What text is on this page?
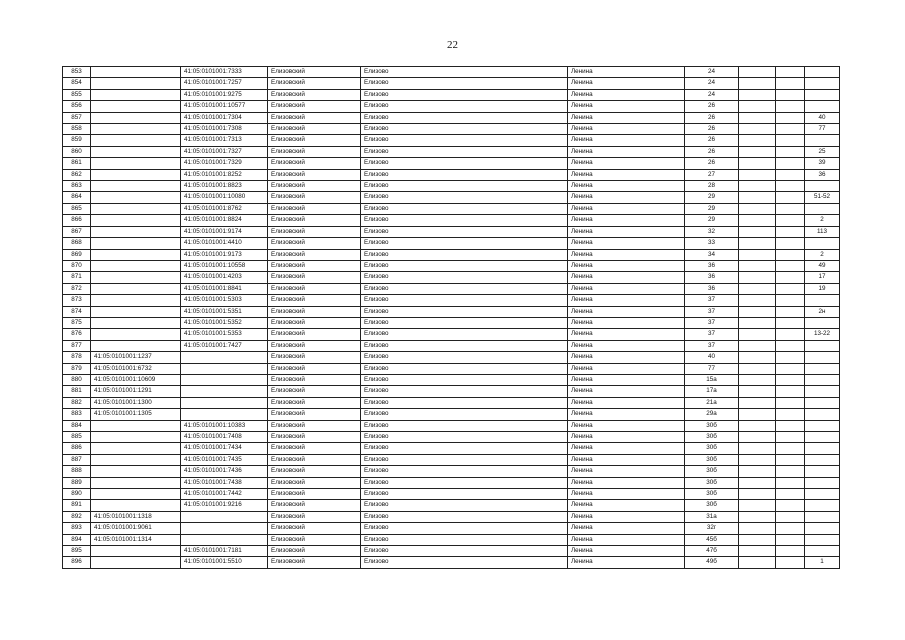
22
853		41:05:0101001:7333	Елизовский	Елизово	Ленина	24			
854		41:05:0101001:7257	Елизовский	Елизово	Ленина	24			
855		41:05:0101001:9275	Елизовский	Елизово	Ленина	24			
856		41:05:0101001:10577	Елизовский	Елизово	Ленина	26			
857		41:05:0101001:7304	Елизовский	Елизово	Ленина	26			40
858		41:05:0101001:7308	Елизовский	Елизово	Ленина	26			77
859		41:05:0101001:7313	Елизовский	Елизово	Ленина	26			
860		41:05:0101001:7327	Елизовский	Елизово	Ленина	26			25
861		41:05:0101001:7329	Елизовский	Елизово	Ленина	26			39
862		41:05:0101001:8252	Елизовский	Елизово	Ленина	27			36
863		41:05:0101001:8823	Елизовский	Елизово	Ленина	28			
864		41:05:0101001:10080	Елизовский	Елизово	Ленина	29			51-52
865		41:05:0101001:8762	Елизовский	Елизово	Ленина	29			
866		41:05:0101001:8824	Елизовский	Елизово	Ленина	29			2
867		41:05:0101001:9174	Елизовский	Елизово	Ленина	32			113
868		41:05:0101001:4410	Елизовский	Елизово	Ленина	33			
869		41:05:0101001:9173	Елизовский	Елизово	Ленина	34			2
870		41:05:0101001:10558	Елизовский	Елизово	Ленина	36			49
871		41:05:0101001:4203	Елизовский	Елизово	Ленина	36			17
872		41:05:0101001:8841	Елизовский	Елизово	Ленина	36			19
873		41:05:0101001:5303	Елизовский	Елизово	Ленина	37			
874		41:05:0101001:5351	Елизовский	Елизово	Ленина	37			2н
875		41:05:0101001:5352	Елизовский	Елизово	Ленина	37			
876		41:05:0101001:5353	Елизовский	Елизово	Ленина	37			13-22
877		41:05:0101001:7427	Елизовский	Елизово	Ленина	37			
878	41:05:0101001:1237		Елизовский	Елизово	Ленина	40			
879	41:05:0101001:6732		Елизовский	Елизово	Ленина	77			
880	41:05:0101001:10609		Елизовский	Елизово	Ленина	15а			
881	41:05:0101001:1291		Елизовский	Елизово	Ленина	17а			
882	41:05:0101001:1300		Елизовский	Елизово	Ленина	21а			
883	41:05:0101001:1305		Елизовский	Елизово	Ленина	29а			
884		41:05:0101001:10383	Елизовский	Елизово	Ленина	30б			
885		41:05:0101001:7408	Елизовский	Елизово	Ленина	30б			
886		41:05:0101001:7434	Елизовский	Елизово	Ленина	30б			
887		41:05:0101001:7435	Елизовский	Елизово	Ленина	30б			
888		41:05:0101001:7436	Елизовский	Елизово	Ленина	30б			
889		41:05:0101001:7438	Елизовский	Елизово	Ленина	30б			
890		41:05:0101001:7442	Елизовский	Елизово	Ленина	30б			
891		41:05:0101001:9216	Елизовский	Елизово	Ленина	30б			
892	41:05:0101001:1318		Елизовский	Елизово	Ленина	31а			
893	41:05:0101001:9061		Елизовский	Елизово	Ленина	32г			
894	41:05:0101001:1314		Елизовский	Елизово	Ленина	45б			
895		41:05:0101001:7181	Елизовский	Елизово	Ленина	47б			
896		41:05:0101001:5510	Елизовский	Елизово	Ленина	49б			1
